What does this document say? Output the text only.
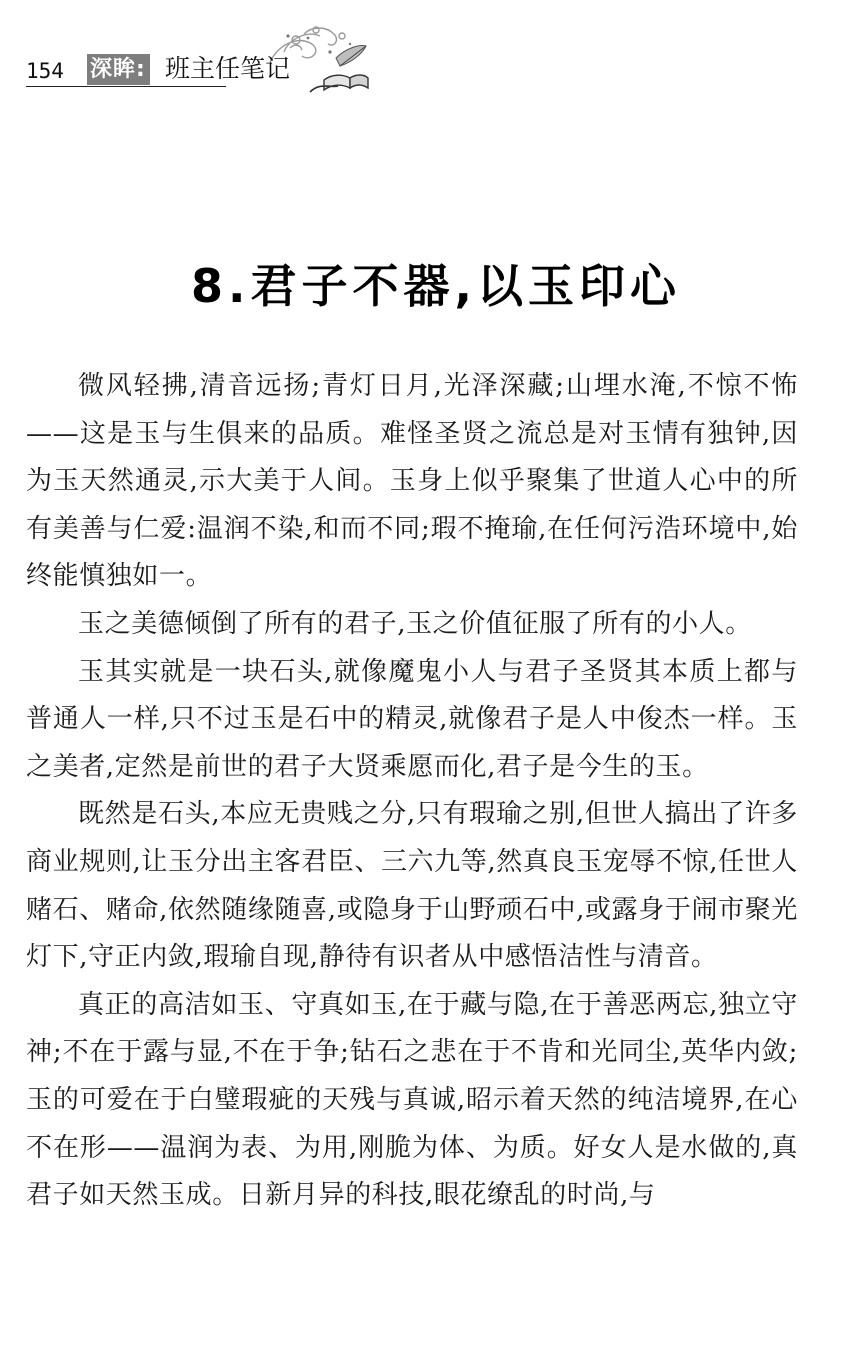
154 深眸: 班主任笔记
8.君子不器,以玉印心

微风轻拂,清音远扬;青灯日月,光泽深藏;山埋水淹,不惊不怖——这是玉与生俱来的品质。难怪圣贤之流总是对玉情有独钟,因为玉天然通灵,示大美于人间。玉身上似乎聚集了世道人心中的所有美善与仁爱:温润不染,和而不同;瑕不掩瑜,在任何污浩环境中,始终能慎独如一。

玉之美德倾倒了所有的君子,玉之价值征服了所有的小人。

玉其实就是一块石头,就像魔鬼小人与君子圣贤其本质上都与普通人一样,只不过玉是石中的精灵,就像君子是人中俊杰一样。玉之美者,定然是前世的君子大贤乘愿而化,君子是今生的玉。

既然是石头,本应无贵贱之分,只有瑕瑜之别,但世人搞出了许多商业规则,让玉分出主客君臣、三六九等,然真良玉宠辱不惊,任世人赌石、赌命,依然随缘随喜,或隐身于山野顽石中,或露身于闹市聚光灯下,守正内敛,瑕瑜自现,静待有识者从中感悟洁性与清音。

真正的高洁如玉、守真如玉,在于藏与隐,在于善恶两忘,独立守神;不在于露与显,不在于争;钻石之悲在于不肯和光同尘,英华内敛;玉的可爱在于白璧瑕疵的天残与真诚,昭示着天然的纯洁境界,在心不在形——温润为表、为用,刚脆为体、为质。好女人是水做的,真君子如天然玉成。日新月异的科技,眼花缭乱的时尚,与
